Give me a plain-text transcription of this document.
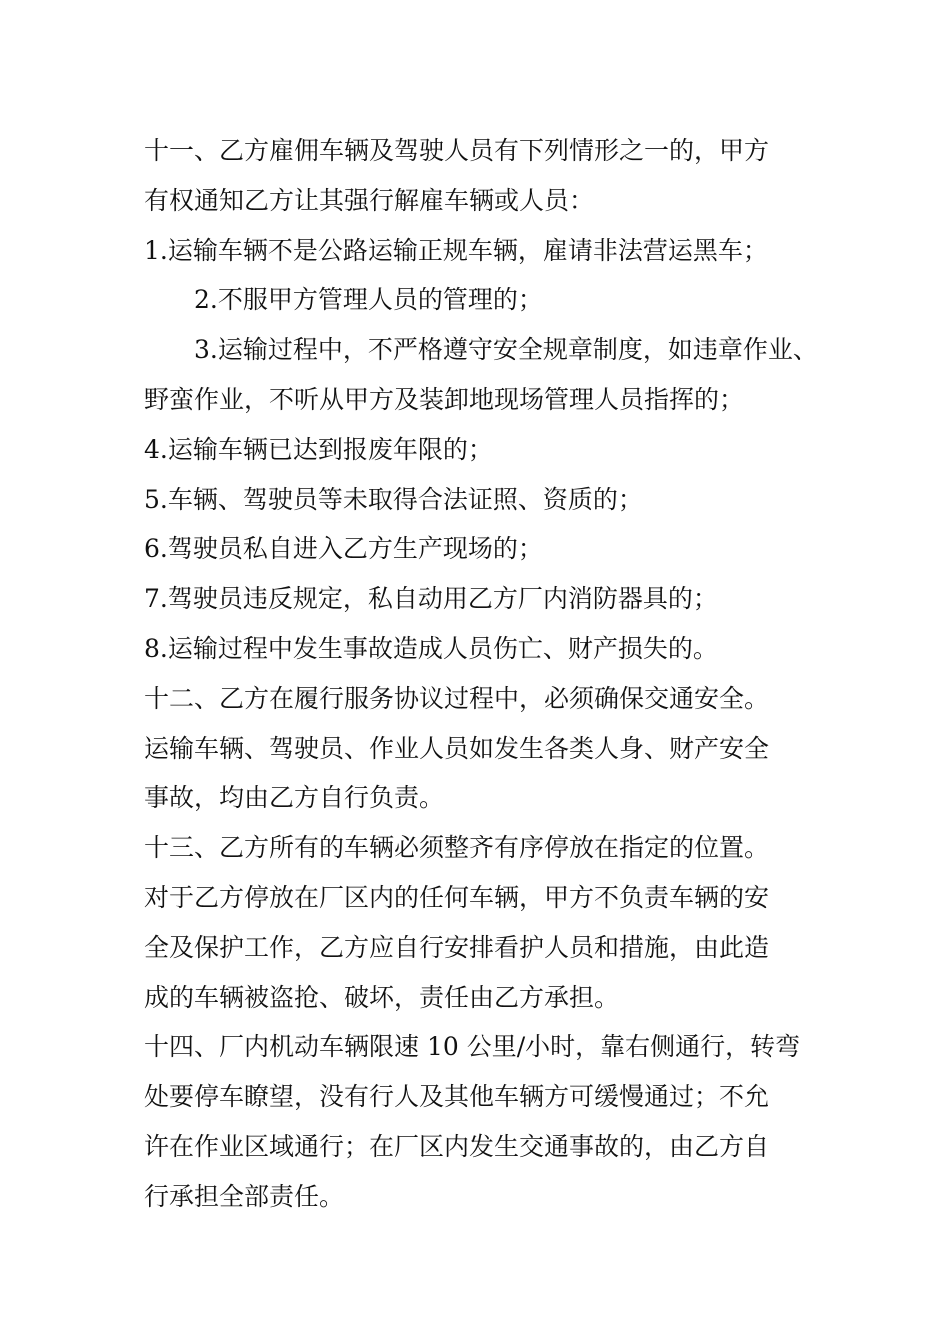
十一、乙方雇佣车辆及驾驶人员有下列情形之一的，甲方
有权通知乙方让其强行解雇车辆或人员：
1.运输车辆不是公路运输正规车辆，雇请非法营运黑车；
2.不服甲方管理人员的管理的；
3.运输过程中，不严格遵守安全规章制度，如违章作业、
野蛮作业，不听从甲方及装卸地现场管理人员指挥的；
4.运输车辆已达到报废年限的；
5.车辆、驾驶员等未取得合法证照、资质的；
6.驾驶员私自进入乙方生产现场的；
7.驾驶员违反规定，私自动用乙方厂内消防器具的；
8.运输过程中发生事故造成人员伤亡、财产损失的。
十二、乙方在履行服务协议过程中，必须确保交通安全。
运输车辆、驾驶员、作业人员如发生各类人身、财产安全
事故，均由乙方自行负责。
十三、乙方所有的车辆必须整齐有序停放在指定的位置。
对于乙方停放在厂区内的任何车辆，甲方不负责车辆的安
全及保护工作，乙方应自行安排看护人员和措施，由此造
成的车辆被盗抢、破坏，责任由乙方承担。
十四、厂内机动车辆限速 10 公里/小时，靠右侧通行，转弯
处要停车瞭望，没有行人及其他车辆方可缓慢通过；不允
许在作业区域通行；在厂区内发生交通事故的，由乙方自
行承担全部责任。
